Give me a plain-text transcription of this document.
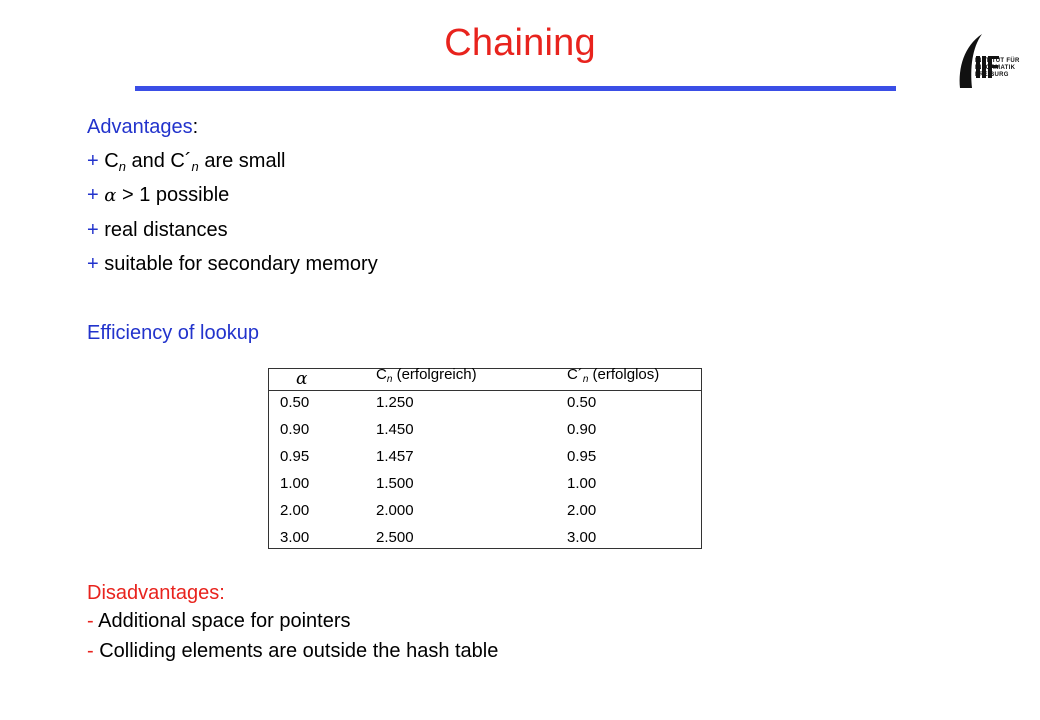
Chaining	INSTITUT FÜR
INFORMATIK
FREIBURG
Advantages:
+ $C_n$ and $C´_n$ are small
+ α > 1 possible
+ real distances
+ suitable for secondary memory
Efficiency of lookup
α	$C_n$ (erfolgreich)	$C´_n$ (erfolglos)
0.50	1.250	0.50
0.90	1.450	0.90
0.95	1.457	0.95
1.00	1.500	1.00
2.00	2.000	2.00
3.00	2.500	3.00
Disadvantages:
- Additional space for pointers
- Colliding elements are outside the hash table
